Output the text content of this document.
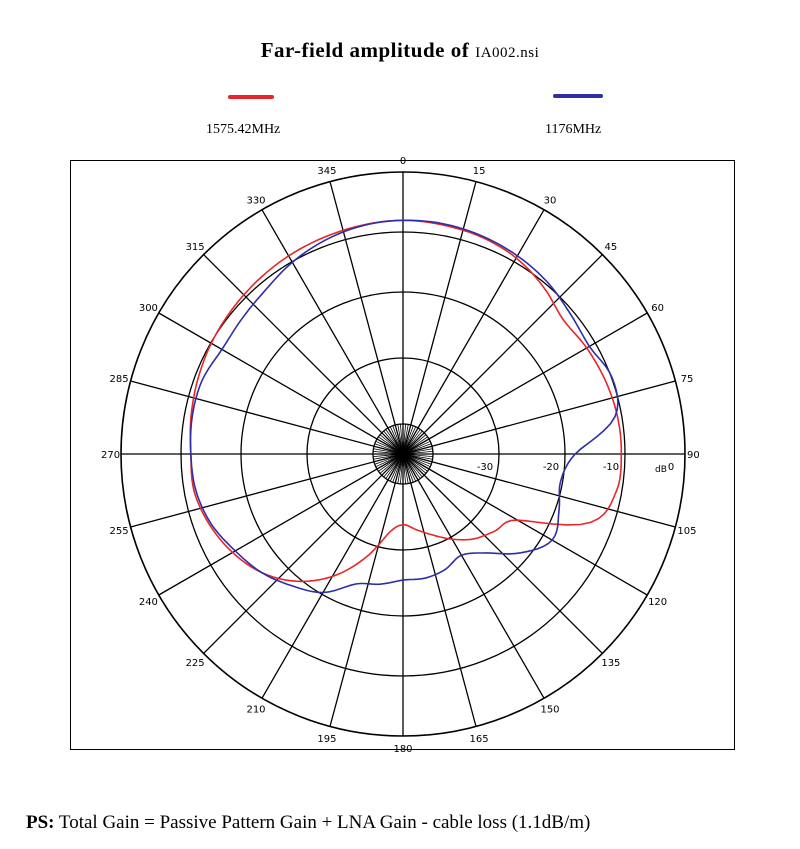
Far-field amplitude of IA002.nsi
1575.42MHz	1176MHz
0
15
30
45
60
75
90
105
120
135
150
165
180
195
210
225
240
255
270
285
300
315
330
345
-30	-20	-10	0
dB
PS: Total Gain = Passive Pattern Gain + LNA Gain - cable loss (1.1dB/m)
